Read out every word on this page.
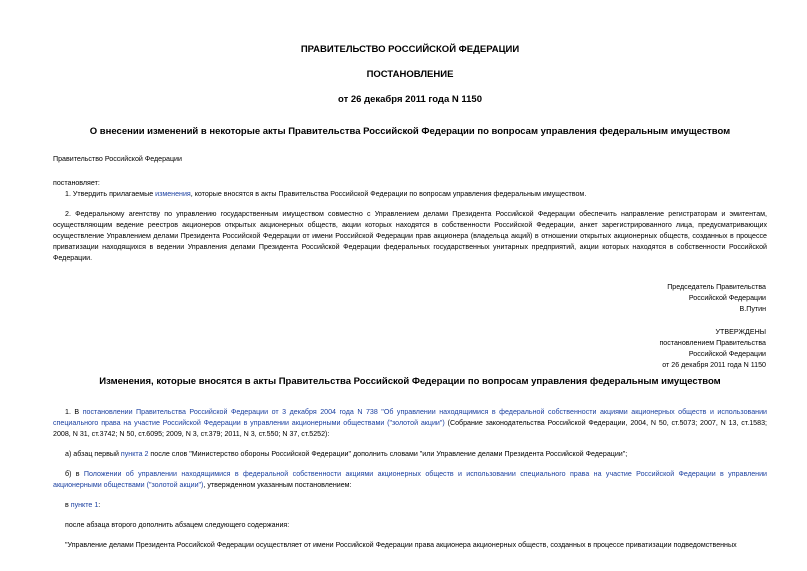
ПРАВИТЕЛЬСТВО РОССИЙСКОЙ ФЕДЕРАЦИИ
ПОСТАНОВЛЕНИЕ
от 26 декабря 2011 года N 1150
О внесении изменений в некоторые акты Правительства Российской Федерации по вопросам управления федеральным имуществом

Правительство Российской Федерации

постановляет:

1. Утвердить прилагаемые изменения, которые вносятся в акты Правительства Российской Федерации по вопросам управления федеральным имуществом.

2. Федеральному агентству по управлению государственным имуществом совместно с Управлением делами Президента Российской Федерации обеспечить направление регистраторам и эмитентам, осуществляющим ведение реестров акционеров открытых акционерных обществ, акции которых находятся в собственности Российской Федерации, анкет зарегистрированного лица, предусматривающих осуществление Управлением делами Президента Российской Федерации от имени Российской Федерации прав акционера (владельца акций) в отношении открытых акционерных обществ, созданных в процессе приватизации находящихся в ведении Управления делами Президента Российской Федерации федеральных государственных унитарных предприятий, акции которых находятся в собственности Российской Федерации.

Председатель Правительства
Российской Федерации
В.Путин
УТВЕРЖДЕНЫ
постановлением Правительства
Российской Федерации
от 26 декабря 2011 года N 1150
Изменения, которые вносятся в акты Правительства Российской Федерации по вопросам управления федеральным имуществом

1. В постановлении Правительства Российской Федерации от 3 декабря 2004 года N 738 "Об управлении находящимися в федеральной собственности акциями акционерных обществ и использовании специального права на участие Российской Федерации в управлении акционерными обществами ("золотой акции") (Собрание законодательства Российской Федерации, 2004, N 50, ст.5073; 2007, N 13, ст.1583; 2008, N 31, ст.3742; N 50, ст.6095; 2009, N 3, ст.379; 2011, N 3, ст.550; N 37, ст.5252):

а) абзац первый пункта 2 после слов "Министерство обороны Российской Федерации" дополнить словами "или Управление делами Президента Российской Федерации";

б) в Положении об управлении находящимися в федеральной собственности акциями акционерных обществ и использовании специального права на участие Российской Федерации в управлении акционерными обществами ("золотой акции"), утвержденном указанным постановлением:

в пункте 1:

после абзаца второго дополнить абзацем следующего содержания:

"Управление делами Президента Российской Федерации осуществляет от имени Российской Федерации права акционера акционерных обществ, созданных в процессе приватизации подведомственных
